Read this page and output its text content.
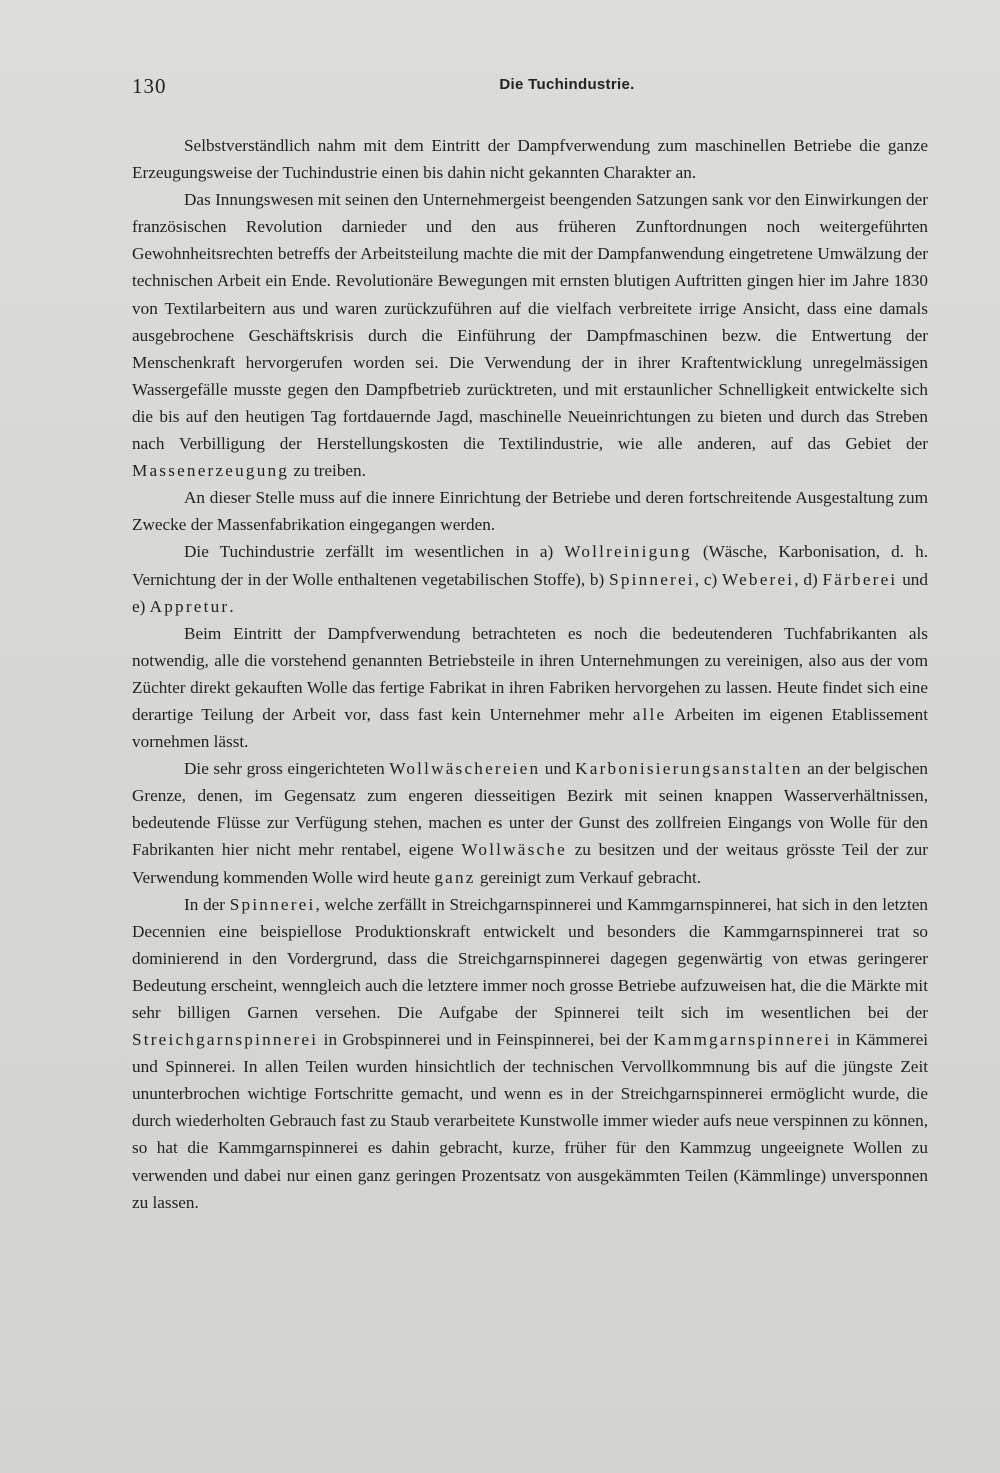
130	Die Tuchindustrie.

Selbstverständlich nahm mit dem Eintritt der Dampfverwendung zum maschinellen Betriebe die ganze Erzeugungsweise der Tuchindustrie einen bis dahin nicht gekannten Charakter an.

Das Innungswesen mit seinen den Unternehmergeist beengenden Satzungen sank vor den Einwirkungen der französischen Revolution darnieder und den aus früheren Zunftordnungen noch weitergeführten Gewohnheitsrechten betreffs der Arbeitsteilung machte die mit der Dampfanwendung eingetretene Umwälzung der technischen Arbeit ein Ende. Revolutionäre Bewegungen mit ernsten blutigen Auftritten gingen hier im Jahre 1830 von Textilarbeitern aus und waren zurückzuführen auf die vielfach verbreitete irrige Ansicht, dass eine damals ausgebrochene Geschäftskrisis durch die Einführung der Dampfmaschinen bezw. die Entwertung der Menschenkraft hervorgerufen worden sei. Die Verwendung der in ihrer Kraftentwicklung unregelmässigen Wassergefälle musste gegen den Dampfbetrieb zurücktreten, und mit erstaunlicher Schnelligkeit entwickelte sich die bis auf den heutigen Tag fortdauernde Jagd, maschinelle Neueinrichtungen zu bieten und durch das Streben nach Verbilligung der Herstellungskosten die Textilindustrie, wie alle anderen, auf das Gebiet der Massenerzeugung zu treiben.

An dieser Stelle muss auf die innere Einrichtung der Betriebe und deren fortschreitende Ausgestaltung zum Zwecke der Massenfabrikation eingegangen werden.

Die Tuchindustrie zerfällt im wesentlichen in a) Wollreinigung (Wäsche, Karbonisation, d. h. Vernichtung der in der Wolle enthaltenen vegetabilischen Stoffe), b) Spinnerei, c) Weberei, d) Färberei und e) Appretur.

Beim Eintritt der Dampfverwendung betrachteten es noch die bedeutenderen Tuchfabrikanten als notwendig, alle die vorstehend genannten Betriebsteile in ihren Unternehmungen zu vereinigen, also aus der vom Züchter direkt gekauften Wolle das fertige Fabrikat in ihren Fabriken hervorgehen zu lassen. Heute findet sich eine derartige Teilung der Arbeit vor, dass fast kein Unternehmer mehr alle Arbeiten im eigenen Etablissement vornehmen lässt.

Die sehr gross eingerichteten Wollwäschereien und Karbonisierungsanstalten an der belgischen Grenze, denen, im Gegensatz zum engeren diesseitigen Bezirk mit seinen knappen Wasserverhältnissen, bedeutende Flüsse zur Verfügung stehen, machen es unter der Gunst des zollfreien Eingangs von Wolle für den Fabrikanten hier nicht mehr rentabel, eigene Wollwäsche zu besitzen und der weitaus grösste Teil der zur Verwendung kommenden Wolle wird heute ganz gereinigt zum Verkauf gebracht.

In der Spinnerei, welche zerfällt in Streichgarnspinnerei und Kammgarnspinnerei, hat sich in den letzten Decennien eine beispiellose Produktionskraft entwickelt und besonders die Kammgarnspinnerei trat so dominierend in den Vordergrund, dass die Streichgarnspinnerei dagegen gegenwärtig von etwas geringerer Bedeutung erscheint, wenngleich auch die letztere immer noch grosse Betriebe aufzuweisen hat, die die Märkte mit sehr billigen Garnen versehen. Die Aufgabe der Spinnerei teilt sich im wesentlichen bei der Streichgarnspinnerei in Grobspinnerei und in Feinspinnerei, bei der Kammgarnspinnerei in Kämmerei und Spinnerei. In allen Teilen wurden hinsichtlich der technischen Vervollkommnung bis auf die jüngste Zeit ununterbrochen wichtige Fortschritte gemacht, und wenn es in der Streichgarnspinnerei ermöglicht wurde, die durch wiederholten Gebrauch fast zu Staub verarbeitete Kunstwolle immer wieder aufs neue verspinnen zu können, so hat die Kammgarnspinnerei es dahin gebracht, kurze, früher für den Kammzug ungeeignete Wollen zu verwenden und dabei nur einen ganz geringen Prozentsatz von ausgekämmten Teilen (Kämmlinge) unversponnen zu lassen.
